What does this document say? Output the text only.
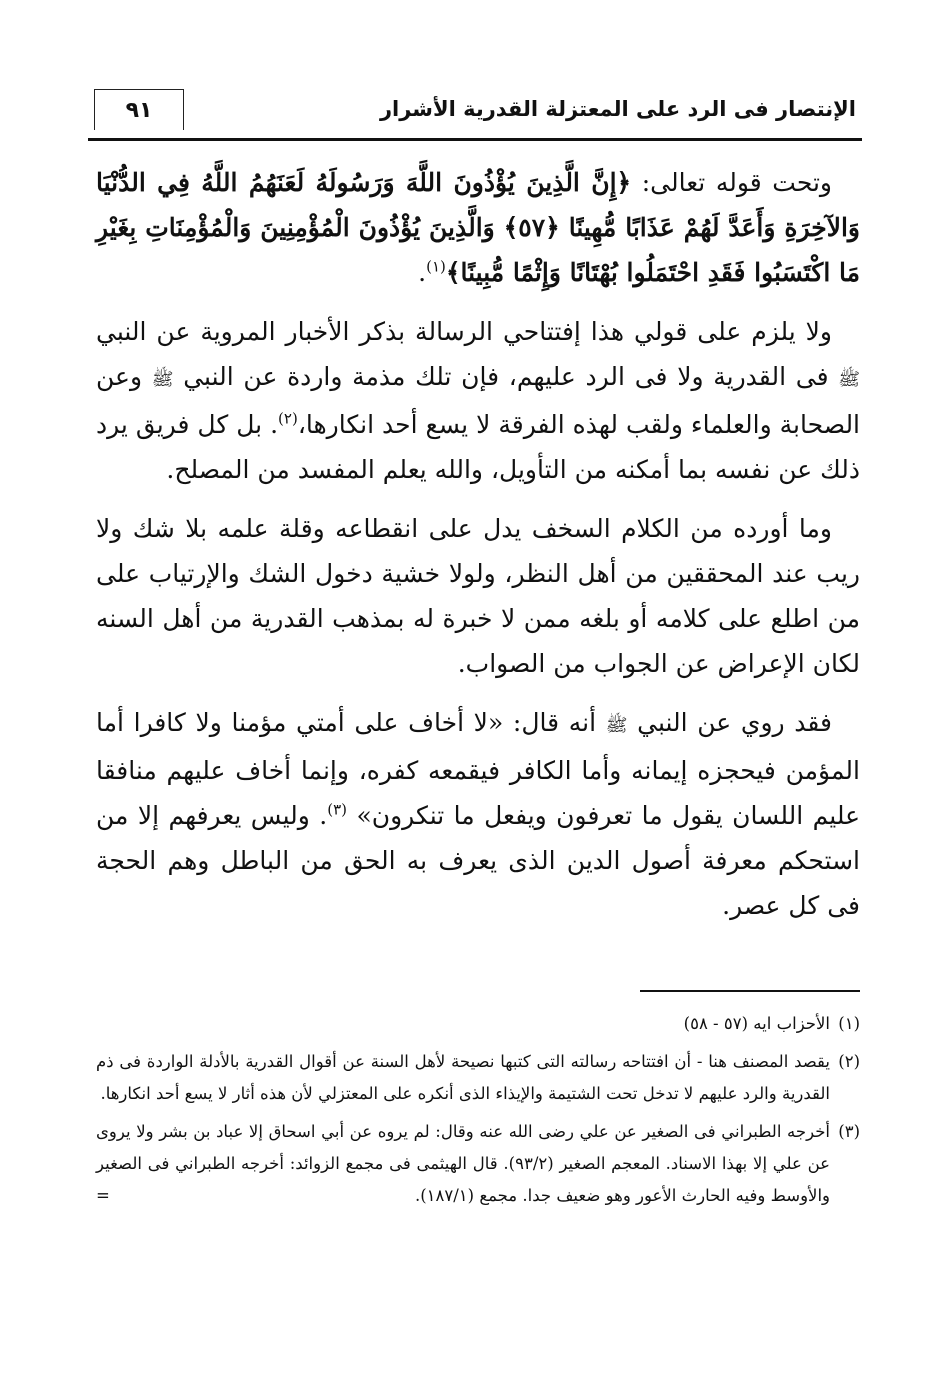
٩١	الإنتصار فى الرد على المعتزلة القدرية الأشرار

وتحت قوله تعالى: ﴿إِنَّ الَّذِينَ يُؤْذُونَ اللَّهَ وَرَسُولَهُ لَعَنَهُمُ اللَّهُ فِي الدُّنْيَا وَالآخِرَةِ وَأَعَدَّ لَهُمْ عَذَابًا مُّهِينًا ﴿٥٧﴾ وَالَّذِينَ يُؤْذُونَ الْمُؤْمِنِينَ وَالْمُؤْمِنَاتِ بِغَيْرِ مَا اكْتَسَبُوا فَقَدِ احْتَمَلُوا بُهْتَانًا وَإِثْمًا مُّبِينًا﴾$^{(١)}$.

ولا يلزم على قولي هذا إفتتاحي الرسالة بذكر الأخبار المروية عن النبي ﷺ فى القدرية ولا فى الرد عليهم، فإن تلك مذمة واردة عن النبي ﷺ وعن الصحابة والعلماء ولقب لهذه الفرقة لا يسع أحد انكارها،$^{(٢)}$. بل كل فريق يرد ذلك عن نفسه بما أمكنه من التأويل، والله يعلم المفسد من المصلح.

وما أورده من الكلام السخف يدل على انقطاعه وقلة علمه بلا شك ولا ريب عند المحققين من أهل النظر، ولولا خشية دخول الشك والإرتياب على من اطلع على كلامه أو بلغه ممن لا خبرة له بمذهب القدرية من أهل السنه لكان الإعراض عن الجواب من الصواب.

فقد روي عن النبي ﷺ أنه قال: «لا أخاف على أمتي مؤمنا ولا كافرا أما المؤمن فيحجزه إيمانه وأما الكافر فيقمعه كفره، وإنما أخاف عليهم منافقا عليم اللسان يقول ما تعرفون ويفعل ما تنكرون» $^{(٣)}$. وليس يعرفهم إلا من استحكم معرفة أصول الدين الذى يعرف به الحق من الباطل وهم الحجة فى كل عصر.

(١)
الأحزاب ايه (٥٧ - ٥٨)
(٢)
يقصد المصنف هنا - أن افتتاحه رسالته التى كتبها نصيحة لأهل السنة عن أقوال القدرية بالأدلة الواردة فى ذم القدرية والرد عليهم لا تدخل تحت الشتيمة والإيذاء الذى أنكره على المعتزلي لأن هذه أثار لا يسع أحد انكارها.
(٣)
أخرجه الطبراني فى الصغير عن علي رضى الله عنه وقال: لم يروه عن أبي اسحاق إلا عباد بن بشر ولا يروى عن علي إلا بهذا الاسناد. المعجم الصغير (٩٣/٢). قال الهيثمى فى مجمع الزوائد: أخرجه الطبراني فى الصغير والأوسط وفيه الحارث الأعور وهو ضعيف جدا. مجمع (١٨٧/١).
=
